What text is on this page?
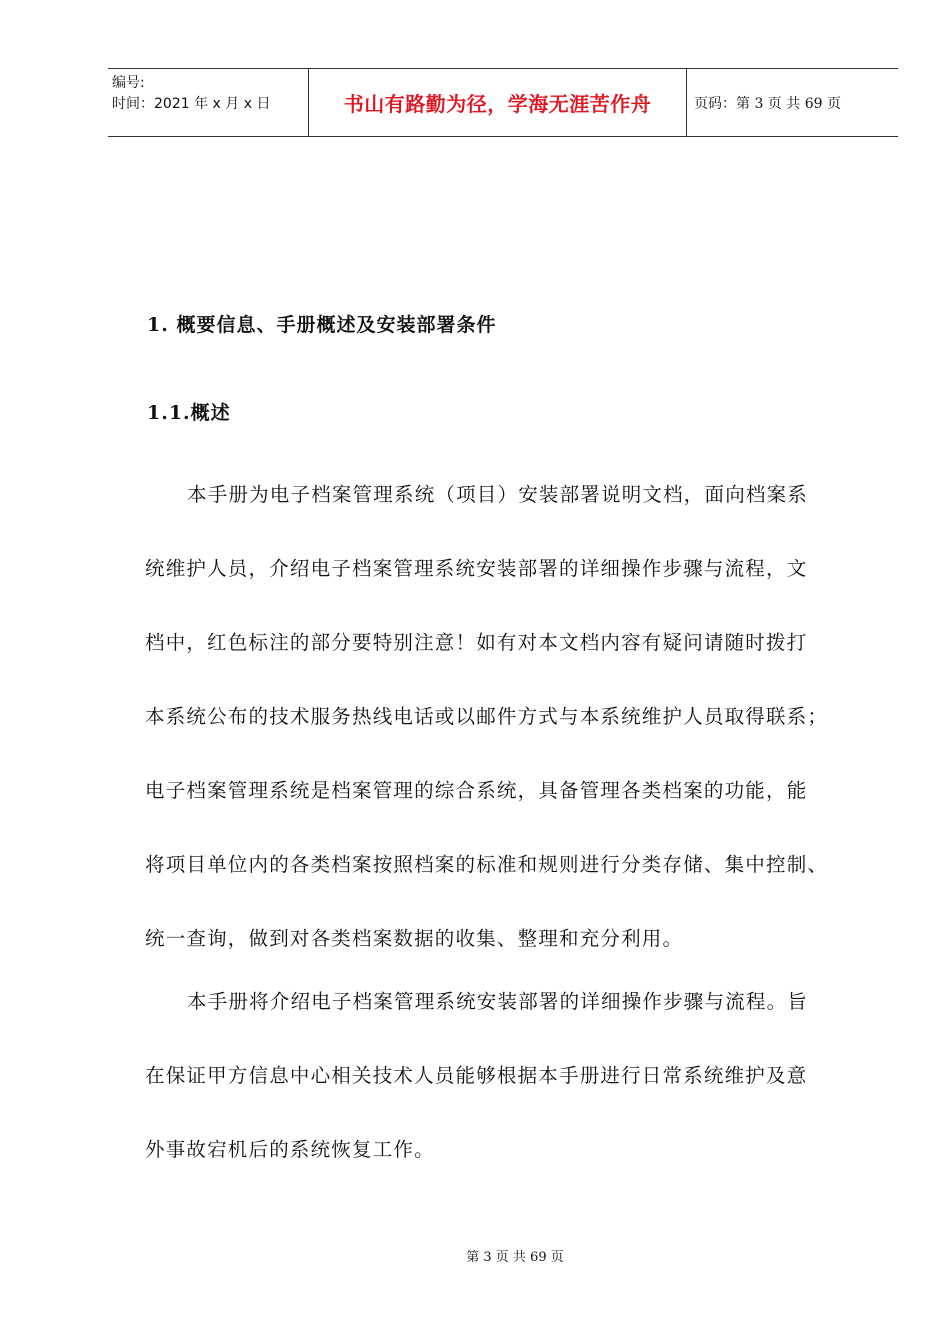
编号:
时间：2021 年 x 月 x 日	书山有路勤为径，学海无涯苦作舟	页码：第 3 页 共 69 页
1. 概要信息、手册概述及安装部署条件
1.1.概述
本手册为电子档案管理系统（项目）安装部署说明文档，面向档案系
统维护人员，介绍电子档案管理系统安装部署的详细操作步骤与流程，文
档中，红色标注的部分要特别注意！如有对本文档内容有疑问请随时拨打
本系统公布的技术服务热线电话或以邮件方式与本系统维护人员取得联系；
电子档案管理系统是档案管理的综合系统，具备管理各类档案的功能，能
将项目单位内的各类档案按照档案的标准和规则进行分类存储、集中控制、
统一查询，做到对各类档案数据的收集、整理和充分利用。
本手册将介绍电子档案管理系统安装部署的详细操作步骤与流程。旨
在保证甲方信息中心相关技术人员能够根据本手册进行日常系统维护及意
外事故宕机后的系统恢复工作。
第 3 页 共 69 页
